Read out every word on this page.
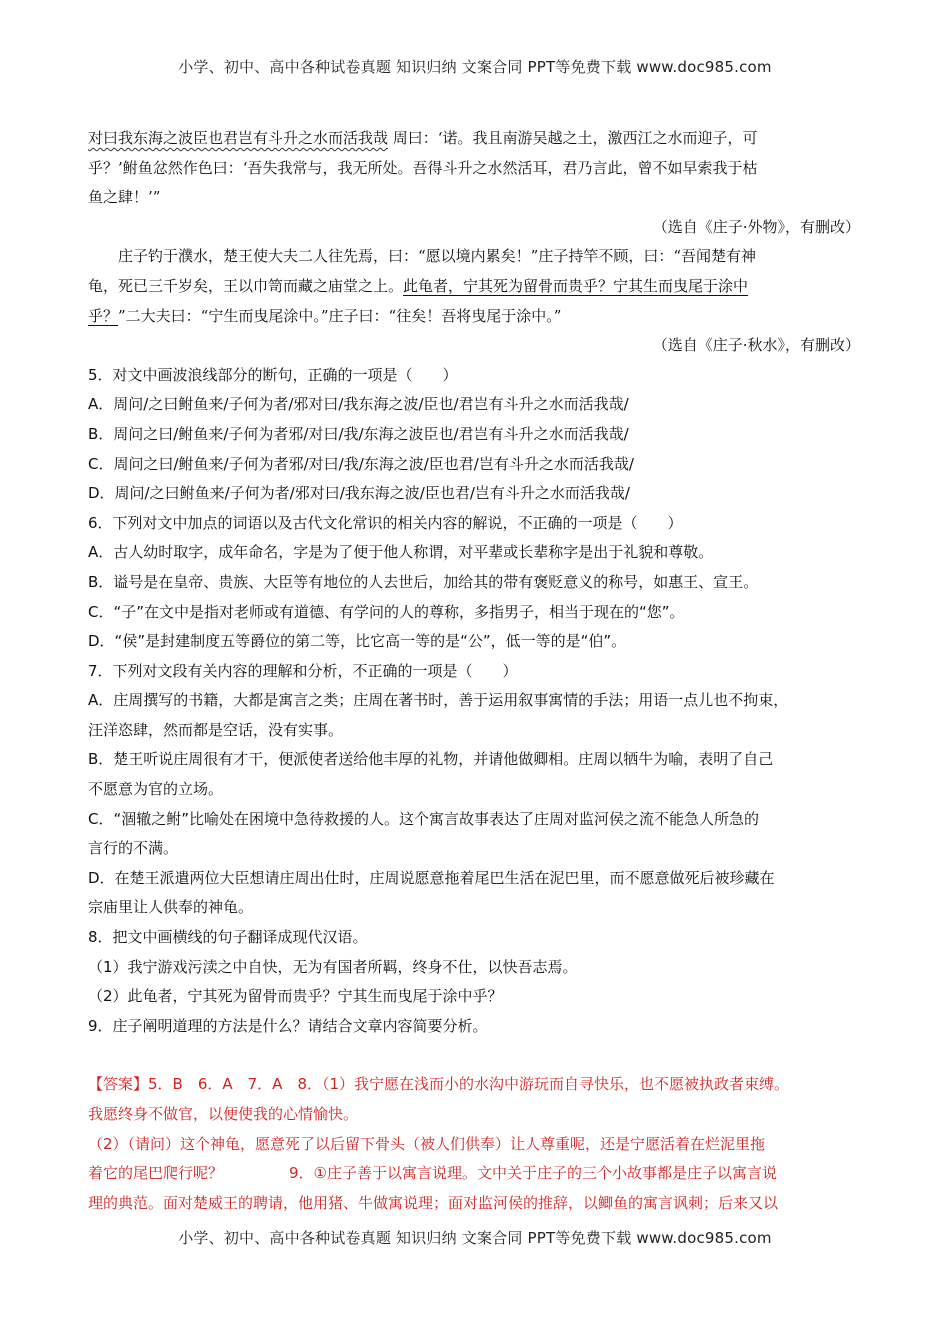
小学、初中、高中各种试卷真题 知识归纳 文案合同 PPT等免费下载 www.doc985.com
对曰我东海之波臣也君岂有斗升之水而活我哉 周曰：‘诺。我且南游吴越之土，激西江之水而迎子，可
乎？’鲋鱼忿然作色曰：‘吾失我常与，我无所处。吾得斗升之水然活耳，君乃言此，曾不如早索我于枯
鱼之肆！’”
（选自《庄子·外物》，有删改）
庄子钓于濮水，楚王使大夫二人往先焉，曰：“愿以境内累矣！”庄子持竿不顾，曰：“吾闻楚有神
龟，死已三千岁矣，王以巾笥而藏之庙堂之上。此龟者，宁其死为留骨而贵乎？宁其生而曳尾于涂中
乎？”二大夫曰：“宁生而曳尾涂中。”庄子曰：“往矣！吾将曳尾于涂中。”
（选自《庄子·秋水》，有删改）
5．对文中画波浪线部分的断句，正确的一项是（　　）
A．周问/之曰鲋鱼来/子何为者/邪对曰/我东海之波/臣也/君岂有斗升之水而活我哉/
B．周问之曰/鲋鱼来/子何为者邪/对曰/我/东海之波臣也/君岂有斗升之水而活我哉/
C．周问之曰/鲋鱼来/子何为者邪/对曰/我/东海之波/臣也君/岂有斗升之水而活我哉/
D．周问/之曰鲋鱼来/子何为者/邪对曰/我东海之波/臣也君/岂有斗升之水而活我哉/
6．下列对文中加点的词语以及古代文化常识的相关内容的解说，不正确的一项是（　　）
A．古人幼时取字，成年命名，字是为了便于他人称谓，对平辈或长辈称字是出于礼貌和尊敬。
B．谥号是在皇帝、贵族、大臣等有地位的人去世后，加给其的带有褒贬意义的称号，如惠王、宣王。
C．“子”在文中是指对老师或有道德、有学问的人的尊称，多指男子，相当于现在的“您”。
D．“侯”是封建制度五等爵位的第二等，比它高一等的是“公”，低一等的是“伯”。
7．下列对文段有关内容的理解和分析，不正确的一项是（　　）
A．庄周撰写的书籍，大都是寓言之类；庄周在著书时，善于运用叙事寓情的手法；用语一点儿也不拘束，
汪洋恣肆，然而都是空话，没有实事。
B．楚王听说庄周很有才干，便派使者送给他丰厚的礼物，并请他做卿相。庄周以牺牛为喻，表明了自己
不愿意为官的立场。
C．“涸辙之鲋”比喻处在困境中急待救援的人。这个寓言故事表达了庄周对监河侯之流不能急人所急的
言行的不满。
D．在楚王派遣两位大臣想请庄周出仕时，庄周说愿意拖着尾巴生活在泥巴里，而不愿意做死后被珍藏在
宗庙里让人供奉的神龟。
8．把文中画横线的句子翻译成现代汉语。
（1）我宁游戏污渎之中自快，无为有国者所羁，终身不仕，以快吾志焉。
（2）此龟者，宁其死为留骨而贵乎？宁其生而曳尾于涂中乎？
9．庄子阐明道理的方法是什么？请结合文章内容简要分析。
【答案】5．B　6．A　7．A　8．（1）我宁愿在浅而小的水沟中游玩而自寻快乐，也不愿被执政者束缚。
我愿终身不做官，以便使我的心情愉快。
（2）（请问）这个神龟，愿意死了以后留下骨头（被人们供奉）让人尊重呢，还是宁愿活着在烂泥里拖
着它的尾巴爬行呢？	9．①庄子善于以寓言说理。文中关于庄子的三个小故事都是庄子以寓言说
理的典范。面对楚威王的聘请，他用猪、牛做寓说理；面对监河侯的推辞，以鲫鱼的寓言讽刺；后来又以
小学、初中、高中各种试卷真题 知识归纳 文案合同 PPT等免费下载 www.doc985.com
